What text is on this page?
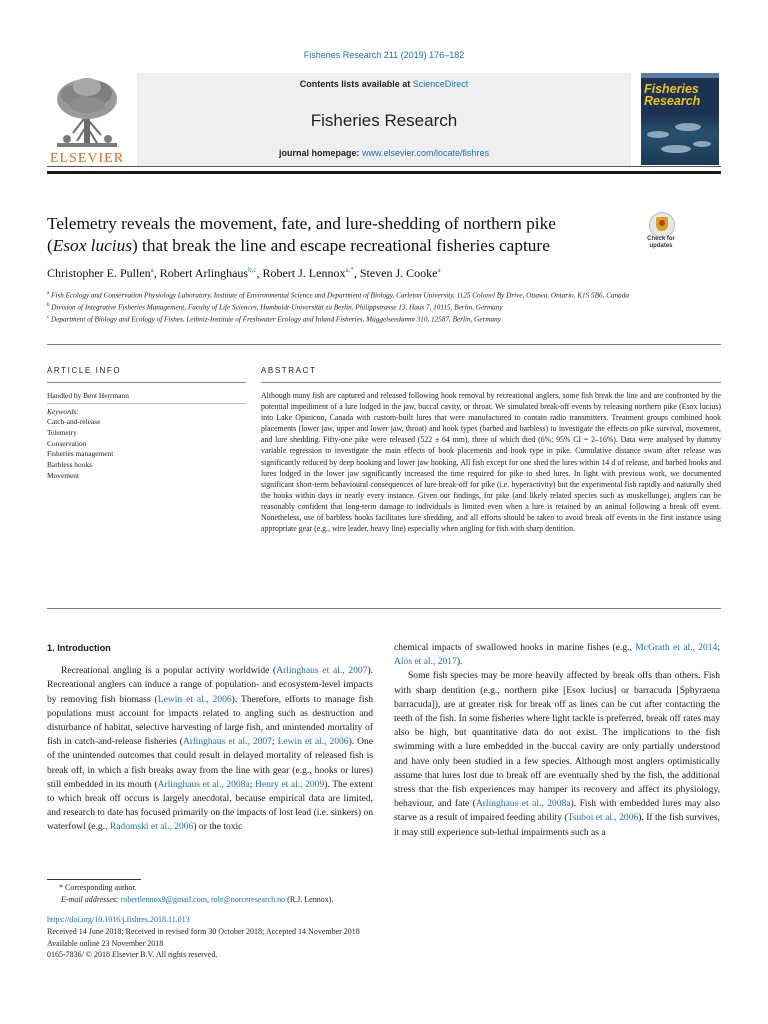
Fisheries Research 211 (2019) 176–182
ELSEVIER
Contents lists available at ScienceDirect
Fisheries Research
journal homepage: www.elsevier.com/locate/fishres
Fisheries Research
Telemetry reveals the movement, fate, and lure-shedding of northern pike
(Esox lucius) that break the line and escape recreational fisheries capture	Check for updates
Christopher E. Pullen$^a$, Robert Arlinghaus$^{b,c}$, Robert J. Lennox$^{a,*}$, Steven J. Cooke$^a$
$^a$ Fish Ecology and Conservation Physiology Laboratory, Institute of Environmental Science and Department of Biology, Carleton University, 1125 Colonel By Drive, Ottawa, Ontario, K1S 5B6, Canada
$^b$ Division of Integrative Fisheries Management, Faculty of Life Sciences, Humboldt-Universität zu Berlin, Philippstrasse 13, Haus 7, 10115, Berlin, Germany
$^c$ Department of Biology and Ecology of Fishes, Leibniz-Institute of Freshwater Ecology and Inland Fisheries, Müggelseedamm 310, 12587, Berlin, Germany
ARTICLE INFO
Handled by Bent Herrmann
Keywords:
Catch-and-release
Telemetry
Conservation
Fisheries management
Barbless hooks
Movement
ABSTRACT
Although many fish are captured and released following hook removal by recreational anglers, some fish break the line and are confronted by the potential impediment of a lure lodged in the jaw, buccal cavity, or throat. We simulated break-off events by releasing northern pike (Esox lucius) into Lake Opinicon, Canada with custom-built lures that were manufactured to contain radio transmitters. Treatment groups combined hook placements (lower jaw, upper and lower jaw, throat) and hook types (barbed and barbless) to investigate the effects on pike survival, movement, and lure shedding. Fifty-one pike were released (522 ± 64 mm), three of which died (6%; 95% CI = 2–16%). Data were analysed by dummy variable regression to investigate the main effects of hook placements and hook type in pike. Cumulative distance swam after release was significantly reduced by deep hooking and lower jaw hooking. All fish except for one shed the lures within 14 d of release, and barbed hooks and lures lodged in the lower jaw significantly increased the time required for pike to shed lures. In light with previous work, we documented significant short-term behavioural consequences of lure break-off for pike (i.e. hyperactivity) but the experimental fish rapidly and naturally shed the hooks within days in nearly every instance. Given our findings, for pike (and likely related species such as muskellunge), anglers can be reasonably confident that long-term damage to individuals is limited even when a lure is retained by an animal following a break off event. Nonetheless, use of barbless hooks facilitates lure shedding, and all efforts should be taken to avoid break off events in the first instance using appropriate gear (e.g., wire leader, heavy line) especially when angling for fish with sharp dentition.

1. Introduction

Recreational angling is a popular activity worldwide (Arlinghaus et al., 2007). Recreational anglers can induce a range of population- and ecosystem-level impacts by removing fish biomass (Lewin et al., 2006). Therefore, efforts to manage fish populations must account for impacts related to angling such as destruction and disturbance of habitat, selective harvesting of large fish, and unintended mortality of fish in catch-and-release fisheries (Arlinghaus et al., 2007; Lewin et al., 2006). One of the unintended outcomes that could result in delayed mortality of released fish is break off, in which a fish breaks away from the line with gear (e.g., hooks or lures) still embedded in its mouth (Arlinghaus et al., 2008a; Henry et al., 2009). The extent to which break off occurs is largely anecdotal, because empirical data are limited, and research to date has focused primarily on the impacts of lost lead (i.e. sinkers) on waterfowl (e.g., Radomski et al., 2006) or the toxic

chemical impacts of swallowed hooks in marine fishes (e.g., McGrath et al., 2014; Alós et al., 2017).

Some fish species may be more heavily affected by break offs than others. Fish with sharp dentition (e.g., northern pike [Esox lucius] or barracuda [Sphyraena barracuda]), are at greater risk for break off as lines can be cut after contacting the teeth of the fish. In some fisheries where light tackle is preferred, break off rates may also be high, but quantitative data do not exist. The implications to the fish swimming with a lure embedded in the buccal cavity are only partially understood and have only been studied in a few species. Although most anglers optimistically assume that lures lost due to break off are eventually shed by the fish, the additional stress that the fish experiences may hamper its recovery and affect its physiology, behaviour, and fate (Arlinghaus et al., 2008a). Fish with embedded lures may also starve as a result of impaired feeding ability (Tsuboi et al., 2006). If the fish survives, it may still experience sub-lethal impairments such as a

* Corresponding author.
E-mail addresses: robertlennox9@gmail.com, role@norceresearch.no (R.J. Lennox).
https://doi.org/10.1016/j.fishres.2018.11.013
Received 14 June 2018; Received in revised form 30 October 2018; Accepted 14 November 2018
Available online 23 November 2018
0165-7836/ © 2018 Elsevier B.V. All rights reserved.
